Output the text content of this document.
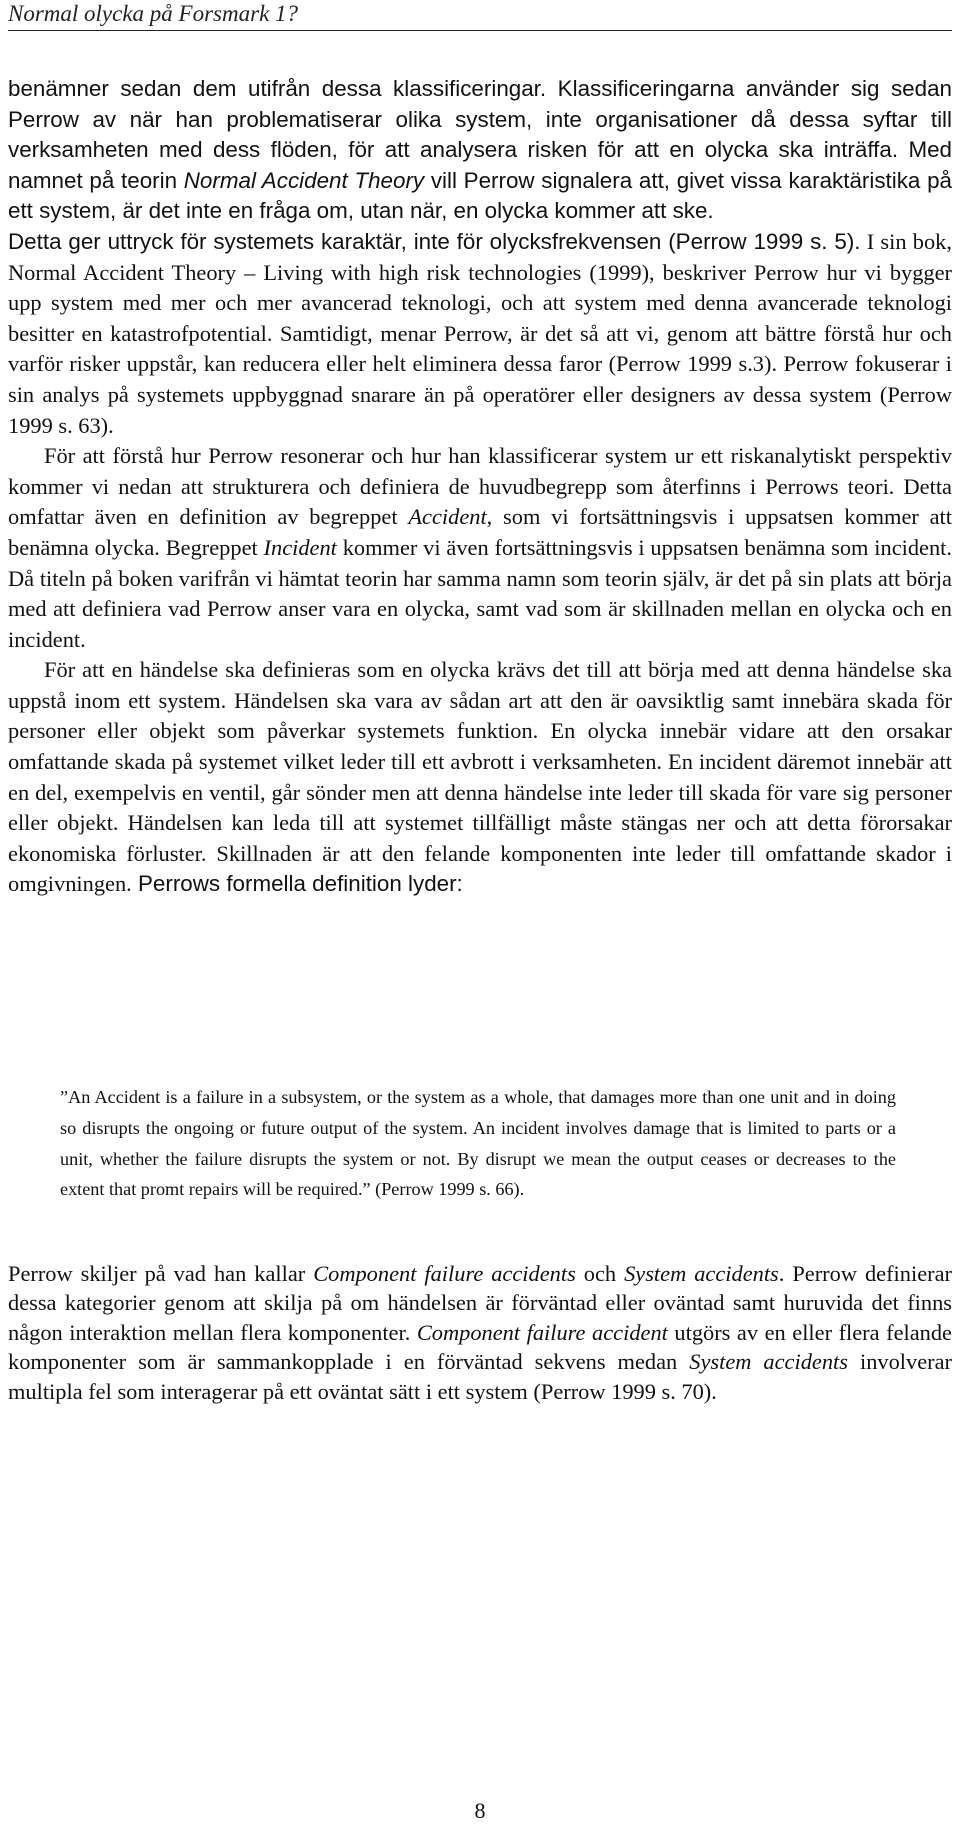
Normal olycka på Forsmark 1?

benämner sedan dem utifrån dessa klassificeringar. Klassificeringarna använder sig sedan Perrow av när han problematiserar olika system, inte organisationer då dessa syftar till verksamheten med dess flöden, för att analysera risken för att en olycka ska inträffa. Med namnet på teorin Normal Accident Theory vill Perrow signalera att, givet vissa karaktäristika på ett system, är det inte en fråga om, utan när, en olycka kommer att ske.

Detta ger uttryck för systemets karaktär, inte för olycksfrekvensen (Perrow 1999 s. 5). I sin bok, Normal Accident Theory – Living with high risk technologies (1999), beskriver Perrow hur vi bygger upp system med mer och mer avancerad teknologi, och att system med denna avancerade teknologi besitter en katastrofpotential. Samtidigt, menar Perrow, är det så att vi, genom att bättre förstå hur och varför risker uppstår, kan reducera eller helt eliminera dessa faror (Perrow 1999 s.3). Perrow fokuserar i sin analys på systemets uppbyggnad snarare än på operatörer eller designers av dessa system (Perrow 1999 s. 63).

För att förstå hur Perrow resonerar och hur han klassificerar system ur ett riskanalytiskt perspektiv kommer vi nedan att strukturera och definiera de huvudbegrepp som återfinns i Perrows teori. Detta omfattar även en definition av begreppet Accident, som vi fortsättningsvis i uppsatsen kommer att benämna olycka. Begreppet Incident kommer vi även fortsättningsvis i uppsatsen benämna som incident. Då titeln på boken varifrån vi hämtat teorin har samma namn som teorin själv, är det på sin plats att börja med att definiera vad Perrow anser vara en olycka, samt vad som är skillnaden mellan en olycka och en incident.

För att en händelse ska definieras som en olycka krävs det till att börja med att denna händelse ska uppstå inom ett system. Händelsen ska vara av sådan art att den är oavsiktlig samt innebära skada för personer eller objekt som påverkar systemets funktion. En olycka innebär vidare att den orsakar omfattande skada på systemet vilket leder till ett avbrott i verksamheten. En incident däremot innebär att en del, exempelvis en ventil, går sönder men att denna händelse inte leder till skada för vare sig personer eller objekt. Händelsen kan leda till att systemet tillfälligt måste stängas ner och att detta förorsakar ekonomiska förluster. Skillnaden är att den felande komponenten inte leder till omfattande skador i omgivningen. Perrows formella definition lyder:

”An Accident is a failure in a subsystem, or the system as a whole, that damages more than one unit and in doing so disrupts the ongoing or future output of the system. An incident involves damage that is limited to parts or a unit, whether the failure disrupts the system or not. By disrupt we mean the output ceases or decreases to the extent that promt repairs will be required.” (Perrow 1999 s. 66).

Perrow skiljer på vad han kallar Component failure accidents och System accidents. Perrow definierar dessa kategorier genom att skilja på om händelsen är förväntad eller oväntad samt huruvida det finns någon interaktion mellan flera komponenter. Component failure accident utgörs av en eller flera felande komponenter som är sammankopplade i en förväntad sekvens medan System accidents involverar multipla fel som interagerar på ett oväntat sätt i ett system (Perrow 1999 s. 70).

8
